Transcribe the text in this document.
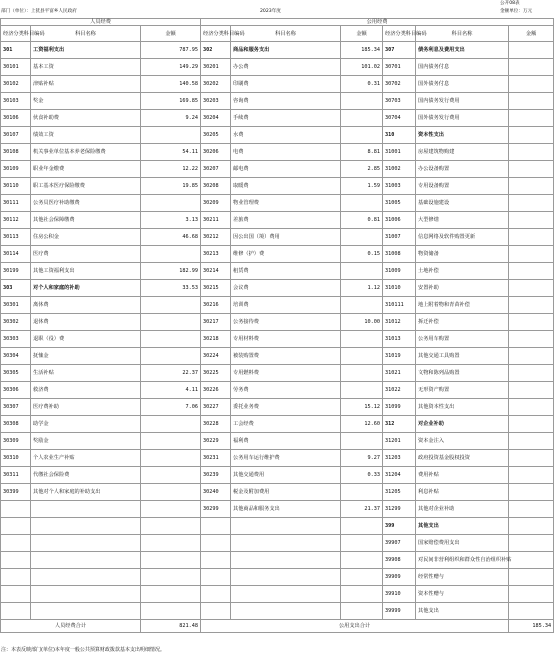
公开08表
部门（单位）：上犹县平富乡人民政府	2023年度	金额单位：万元
人员经费			公用经费					
经济分类科目编码	科目名称	金额	经济分类科目编码	科目名称	金额	经济分类科目编码	科目名称	金额
301	工资福利支出	787.95	302	商品和服务支出	185.34	307	债务利息及费用支出	
30101	基本工资	149.29	30201	办公费	101.02	30701	国内债务付息	
30102	津贴补贴	140.58	30202	印刷费	0.31	30702	国外债务付息	
30103	奖金	169.85	30203	咨询费		30703	国内债务发行费用	
30106	伙食补助费	9.24	30204	手续费		30704	国外债务发行费用	
30107	绩效工资		30205	水费		310	资本性支出	
30108	机关事业单位基本养老保险缴费	54.11	30206	电费	8.81	31001	房屋建筑物购建	
30109	职业年金缴费	12.22	30207	邮电费	2.85	31002	办公设备购置	
30110	职工基本医疗保险缴费	19.85	30208	取暖费	1.59	31003	专用设备购置	
30111	公务员医疗补助缴费		30209	物业管理费		31005	基础设施建设	
30112	其他社会保障缴费	3.13	30211	差旅费	0.81	31006	大型修缮	
30113	住房公积金	46.68	30212	因公出国（境）费用		31007	信息网络及软件购置更新	
30114	医疗费		30213	维修（护）费	0.15	31008	物资储备	
30199	其他工资福利支出	182.99	30214	租赁费		31009	土地补偿	
303	对个人和家庭的补助	33.53	30215	会议费	1.12	31010	安置补助	
30301	离休费		30216	培训费		310111	地上附着物和青苗补偿	
30302	退休费		30217	公务接待费	10.00	31012	拆迁补偿	
30303	退职（役）费		30218	专用材料费		31013	公务用车购置	
30304	抚恤金		30224	被装购置费		31019	其他交通工具购置	
30305	生活补贴	22.37	30225	专用燃料费		31021	文物和陈列品购置	
30306	救济费	4.11	30226	劳务费		31022	无形资产购置	
30307	医疗费补助	7.06	30227	委托业务费	15.12	31099	其他资本性支出	
30308	助学金		30228	工会经费	12.60	312	对企业补助	
30309	奖励金		30229	福利费		31201	资本金注入	
30310	个人农业生产补贴		30231	公务用车运行维护费	9.27	31203	政府投资基金股权投资	
30311	代缴社会保险费		30239	其他交通费用	0.33	31204	费用补贴	
30399	其他对个人和家庭的补助支出		30240	税金及附加费用		31205	利息补贴	
			30299	其他商品和服务支出	21.37	31299	其他对企业补助	
						399	其他支出	
						39907	国家赔偿费用支出	
						39908	对民间非营利组织和群众性自治组织补贴	
						39909	经常性赠与	
						39910	资本性赠与	
						39999	其他支出	
人员经费合计		821.48	公用支出合计					185.34
注：本表反映部门(单位)本年度一般公共预算财政拨款基本支出明细情况。
